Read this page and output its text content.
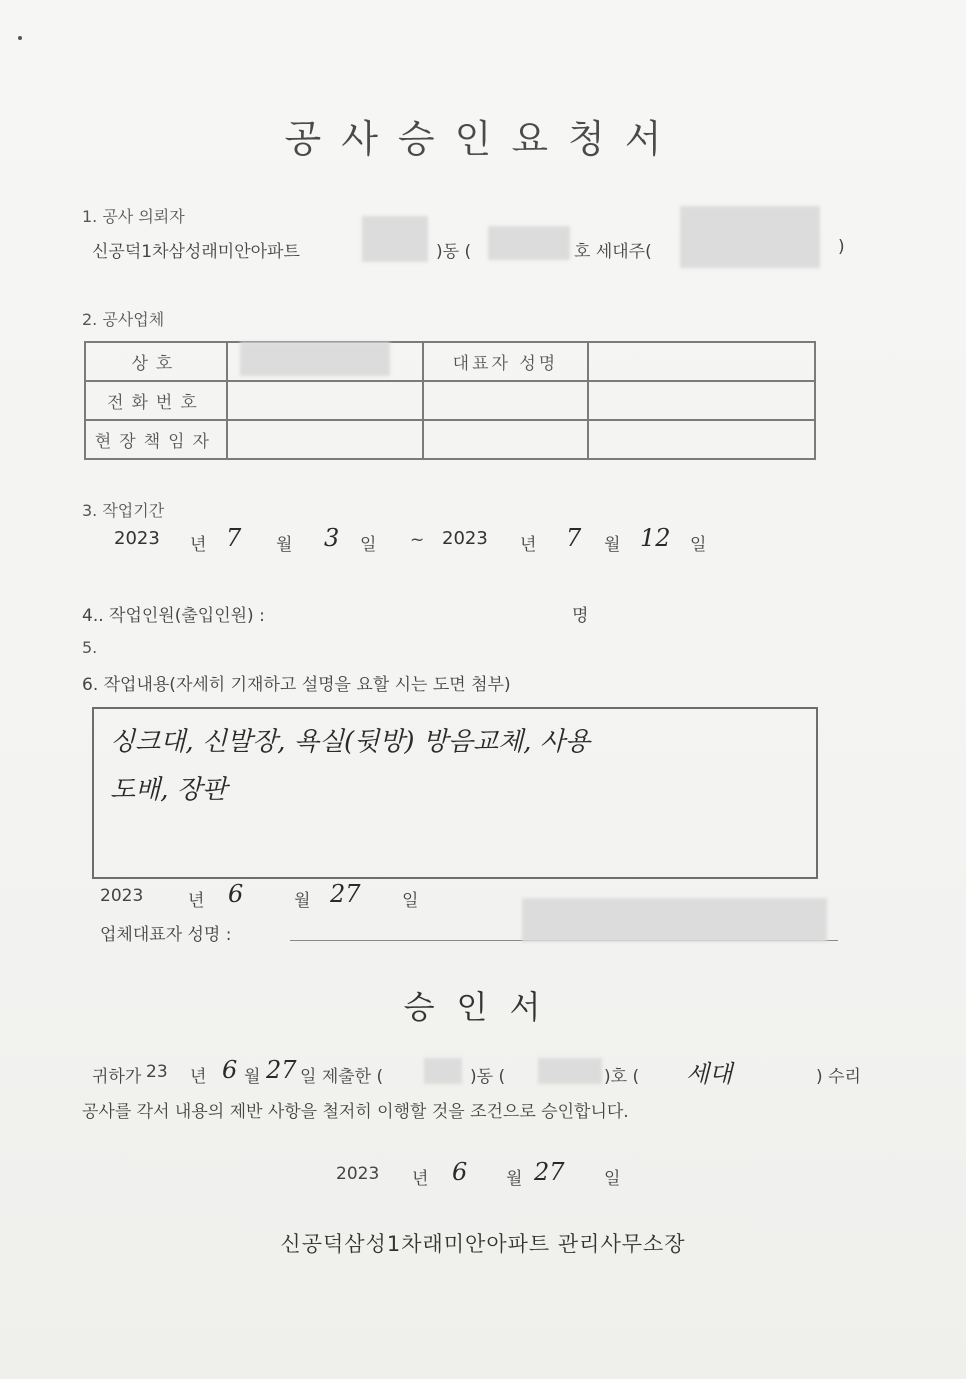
공사승인요청서
1. 공사 의뢰자
신공덕1차삼성래미안아파트	)동 (	호 세대주(	)
2. 공사업체
상호		대표자 성명	
전화번호			
현장책임자			
3. 작업기간
2023 년 7 월 3 일 ~ 2023 년 7 월 12 일
4.. 작업인원(출입인원) :	명
5.
6. 작업내용(자세히 기재하고 설명을 요할 시는 도면 첨부)
싱크대, 신발장, 욕실(뒷방) 방음교체, 사용
도배, 장판
2023	년 6	월 27 일
업체대표자 성명 :
승인서
귀하가 23 년 6 월 27 일 제출한 (	)동 (	)호 ( 세대	) 수리
공사를 각서 내용의 제반 사항을 철저히 이행할 것을 조건으로 승인합니다.
2023 년 6 월 27 일
신공덕삼성1차래미안아파트 관리사무소장
